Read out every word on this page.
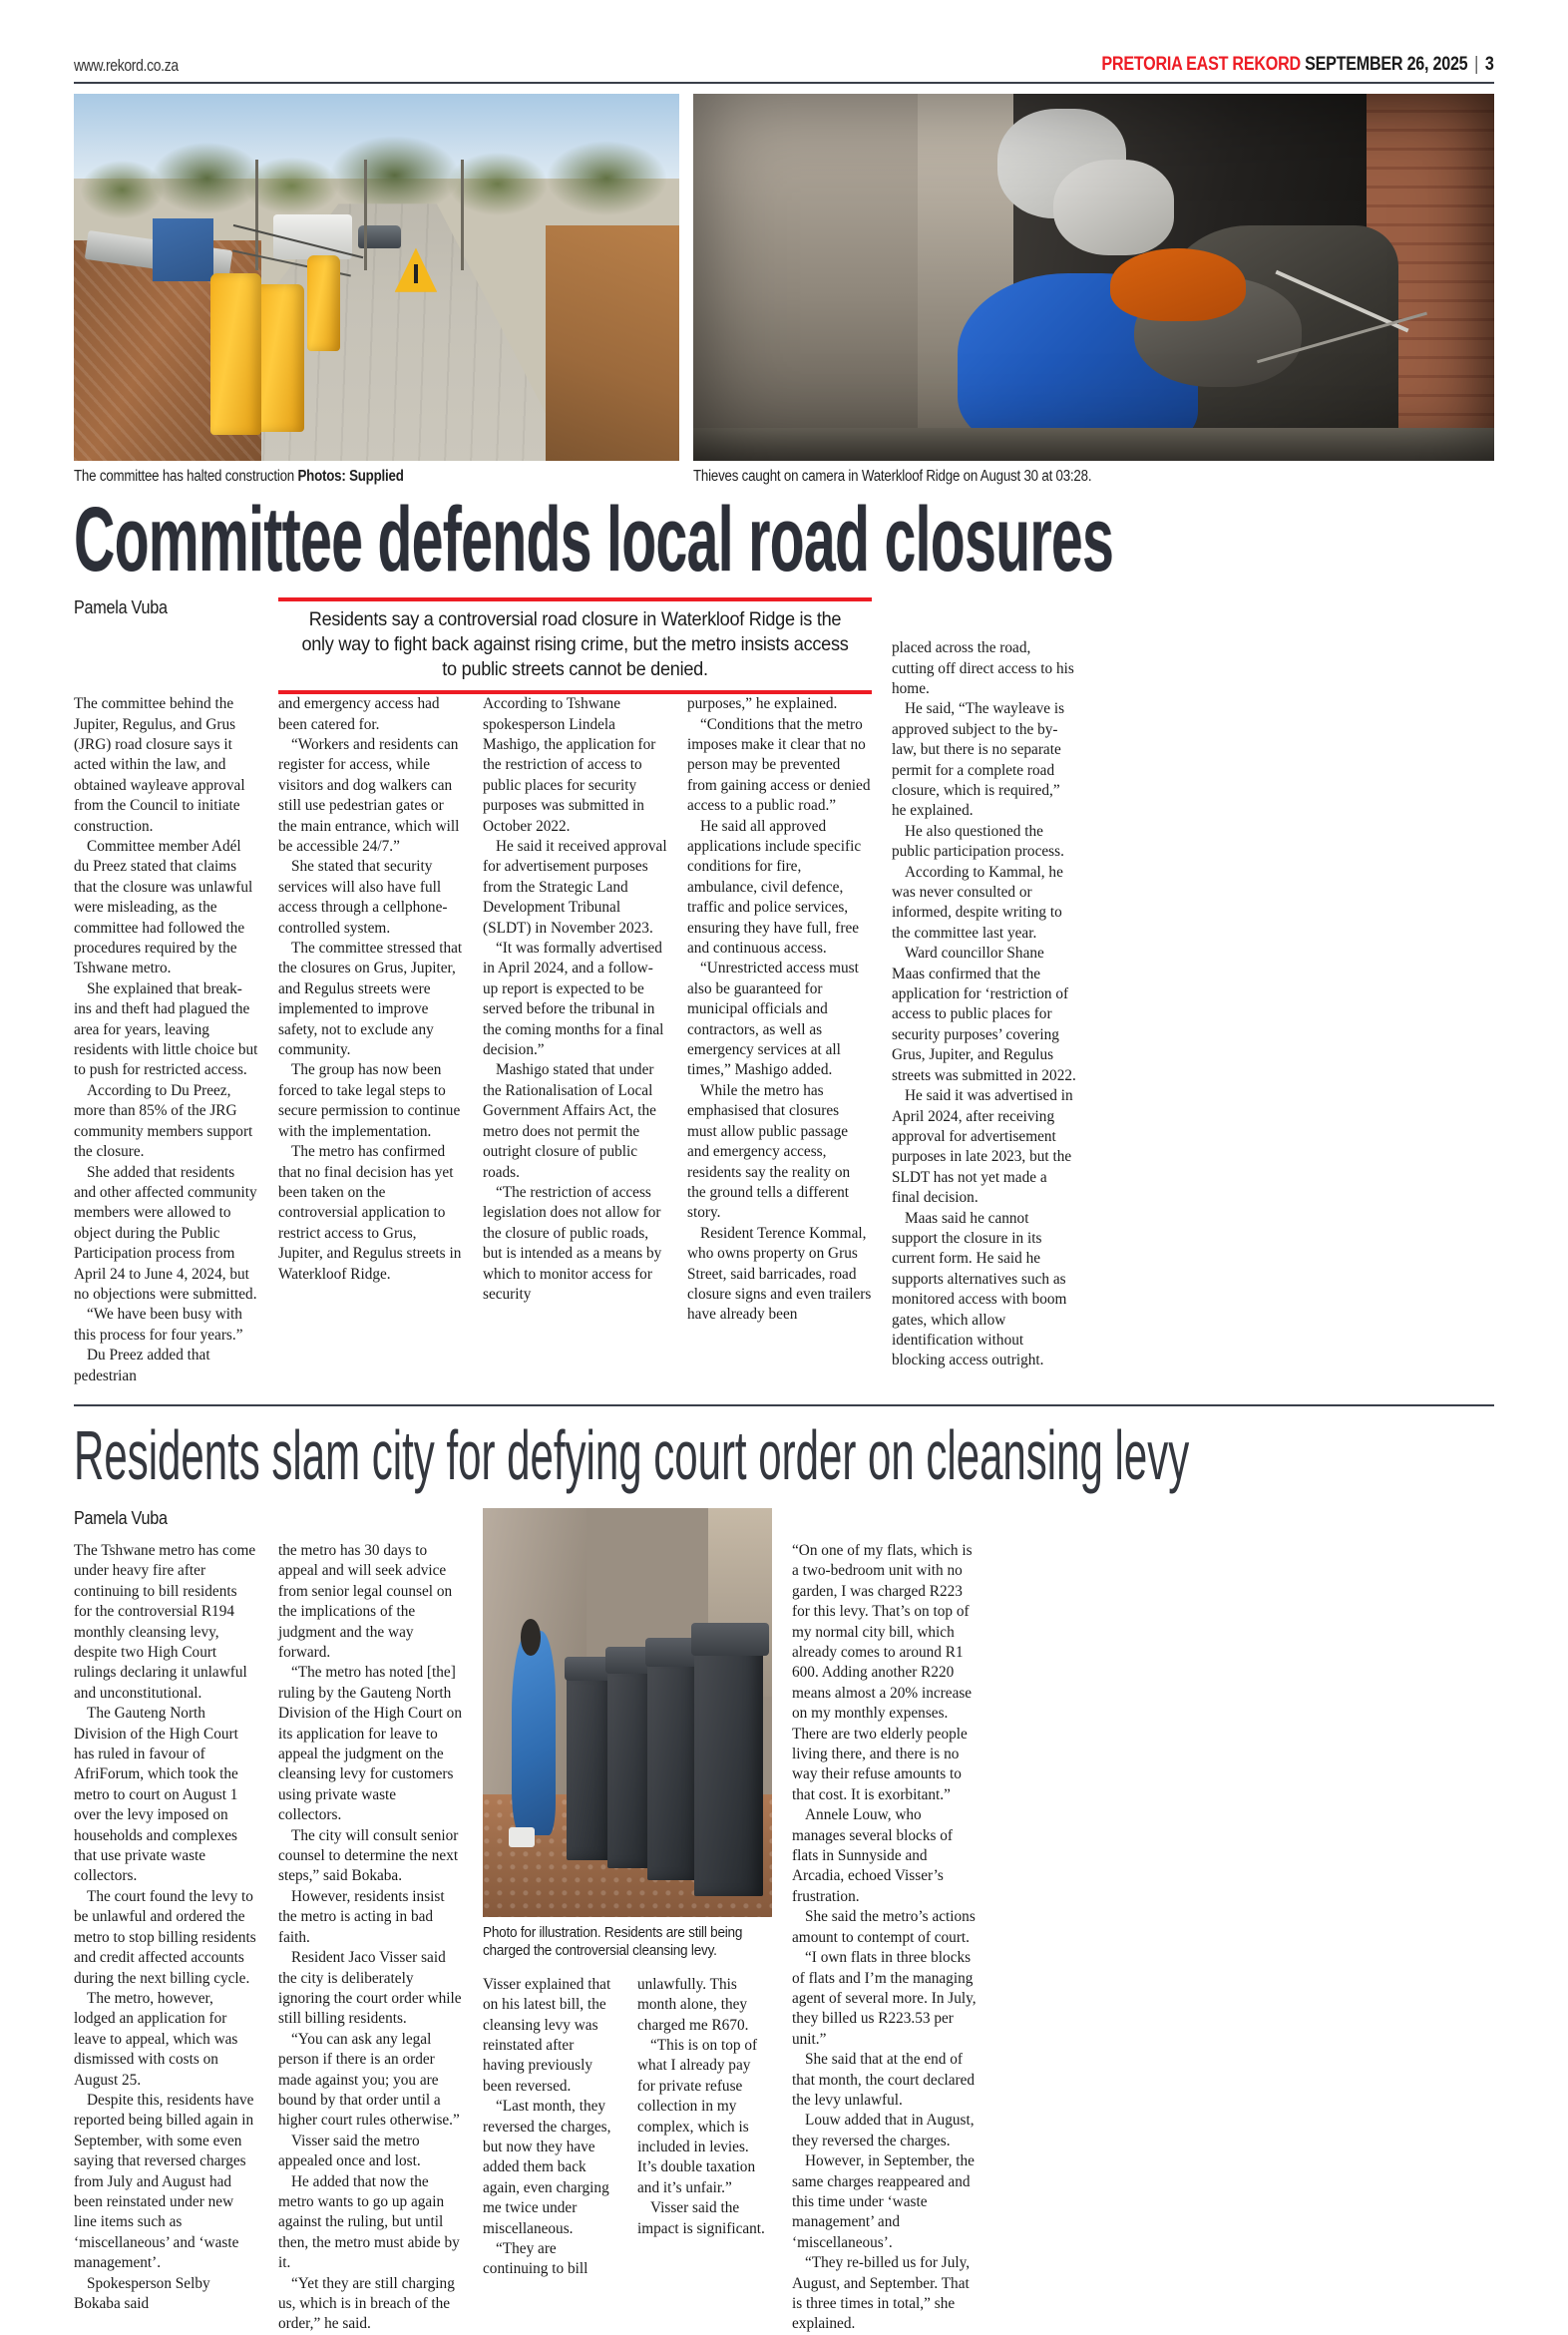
www.rekord.co.za	PRETORIA EAST REKORD SEPTEMBER 26, 2025 | 3
The committee has halted construction Photos: Supplied	Thieves caught on camera in Waterkloof Ridge on August 30 at 03:28.
Committee defends local road closures
Pamela Vuba
Residents say a controversial road closure in Waterkloof Ridge is the only way to fight back against rising crime, but the metro insists access to public streets cannot be denied.

The committee behind the Jupiter, Regulus, and Grus (JRG) road closure says it acted within the law, and obtained wayleave approval from the Council to initiate construction.

Committee member Adél du Preez stated that claims that the closure was unlawful were misleading, as the committee had followed the procedures required by the Tshwane metro.

She explained that break-ins and theft had plagued the area for years, leaving residents with little choice but to push for restricted access.

According to Du Preez, more than 85% of the JRG community members support the closure.

She added that residents and other affected community members were allowed to object during the Public Participation process from April 24 to June 4, 2024, but no objections were submitted.

“We have been busy with this process for four years.”

Du Preez added that pedestrian

and emergency access had been catered for.

“Workers and residents can register for access, while visitors and dog walkers can still use pedestrian gates or the main entrance, which will be accessible 24/7.”

She stated that security services will also have full access through a cellphone-controlled system.

The committee stressed that the closures on Grus, Jupiter, and Regulus streets were implemented to improve safety, not to exclude any community.

The group has now been forced to take legal steps to secure permission to continue with the implementation.

The metro has confirmed that no final decision has yet been taken on the controversial application to restrict access to Grus, Jupiter, and Regulus streets in Waterkloof Ridge.

According to Tshwane spokesperson Lindela Mashigo, the application for the restriction of access to public places for security purposes was submitted in October 2022.

He said it received approval for advertisement purposes from the Strategic Land Development Tribunal (SLDT) in November 2023.

“It was formally advertised in April 2024, and a follow-up report is expected to be served before the tribunal in the coming months for a final decision.”

Mashigo stated that under the Rationalisation of Local Government Affairs Act, the metro does not permit the outright closure of public roads.

“The restriction of access legislation does not allow for the closure of public roads, but is intended as a means by which to monitor access for security

purposes,” he explained.

“Conditions that the metro imposes make it clear that no person may be prevented from gaining access or denied access to a public road.”

He said all approved applications include specific conditions for fire, ambulance, civil defence, traffic and police services, ensuring they have full, free and continuous access.

“Unrestricted access must also be guaranteed for municipal officials and contractors, as well as emergency services at all times,” Mashigo added.

While the metro has emphasised that closures must allow public passage and emergency access, residents say the reality on the ground tells a different story.

Resident Terence Kommal, who owns property on Grus Street, said barricades, road closure signs and even trailers have already been

placed across the road, cutting off direct access to his home.

He said, “The wayleave is approved subject to the by-law, but there is no separate permit for a complete road closure, which is required,” he explained.

He also questioned the public participation process.

According to Kammal, he was never consulted or informed, despite writing to the committee last year.

Ward councillor Shane Maas confirmed that the application for ‘restriction of access to public places for security purposes’ covering Grus, Jupiter, and Regulus streets was submitted in 2022.

He said it was advertised in April 2024, after receiving approval for advertisement purposes in late 2023, but the SLDT has not yet made a final decision.

Maas said he cannot support the closure in its current form. He said he supports alternatives such as monitored access with boom gates, which allow identification without blocking access outright.

Residents slam city for defying court order on cleansing levy
Pamela Vuba

The Tshwane metro has come under heavy fire after continuing to bill residents for the controversial R194 monthly cleansing levy, despite two High Court rulings declaring it unlawful and unconstitutional.

The Gauteng North Division of the High Court has ruled in favour of AfriForum, which took the metro to court on August 1 over the levy imposed on households and complexes that use private waste collectors.

The court found the levy to be unlawful and ordered the metro to stop billing residents and credit affected accounts during the next billing cycle.

The metro, however, lodged an application for leave to appeal, which was dismissed with costs on August 25.

Despite this, residents have reported being billed again in September, with some even saying that reversed charges from July and August had been reinstated under new line items such as ‘miscellaneous’ and ‘waste management’.

Spokesperson Selby Bokaba said

the metro has 30 days to appeal and will seek advice from senior legal counsel on the implications of the judgment and the way forward.

“The metro has noted [the] ruling by the Gauteng North Division of the High Court on its application for leave to appeal the judgment on the cleansing levy for customers using private waste collectors.

The city will consult senior counsel to determine the next steps,” said Bokaba.

However, residents insist the metro is acting in bad faith.

Resident Jaco Visser said the city is deliberately ignoring the court order while still billing residents.

“You can ask any legal person if there is an order made against you; you are bound by that order until a higher court rules otherwise.”

Visser said the metro appealed once and lost.

He added that now the metro wants to go up again against the ruling, but until then, the metro must abide by it.

“Yet they are still charging us, which is in breach of the order,” he said.

Photo for illustration. Residents are still being charged the controversial cleansing levy.

Visser explained that on his latest bill, the cleansing levy was reinstated after having previously been reversed.

“Last month, they reversed the charges, but now they have added them back again, even charging me twice under miscellaneous.

“They are continuing to bill

unlawfully. This month alone, they charged me R670.

“This is on top of what I already pay for private refuse collection in my complex, which is included in levies. It’s double taxation and it’s unfair.”

Visser said the impact is significant.

“On one of my flats, which is a two-bedroom unit with no garden, I was charged R223 for this levy. That’s on top of my normal city bill, which already comes to around R1 600. Adding another R220 means almost a 20% increase on my monthly expenses. There are two elderly people living there, and there is no way their refuse amounts to that cost. It is exorbitant.”

Annele Louw, who manages several blocks of flats in Sunnyside and Arcadia, echoed Visser’s frustration.

She said the metro’s actions amount to contempt of court.

“I own flats in three blocks of flats and I’m the managing agent of several more. In July, they billed us R223.53 per unit.”

She said that at the end of that month, the court declared the levy unlawful.

Louw added that in August, they reversed the charges.

However, in September, the same charges reappeared and this time under ‘waste management’ and ‘miscellaneous’.

“They re-billed us for July, August, and September. That is three times in total,” she explained.
